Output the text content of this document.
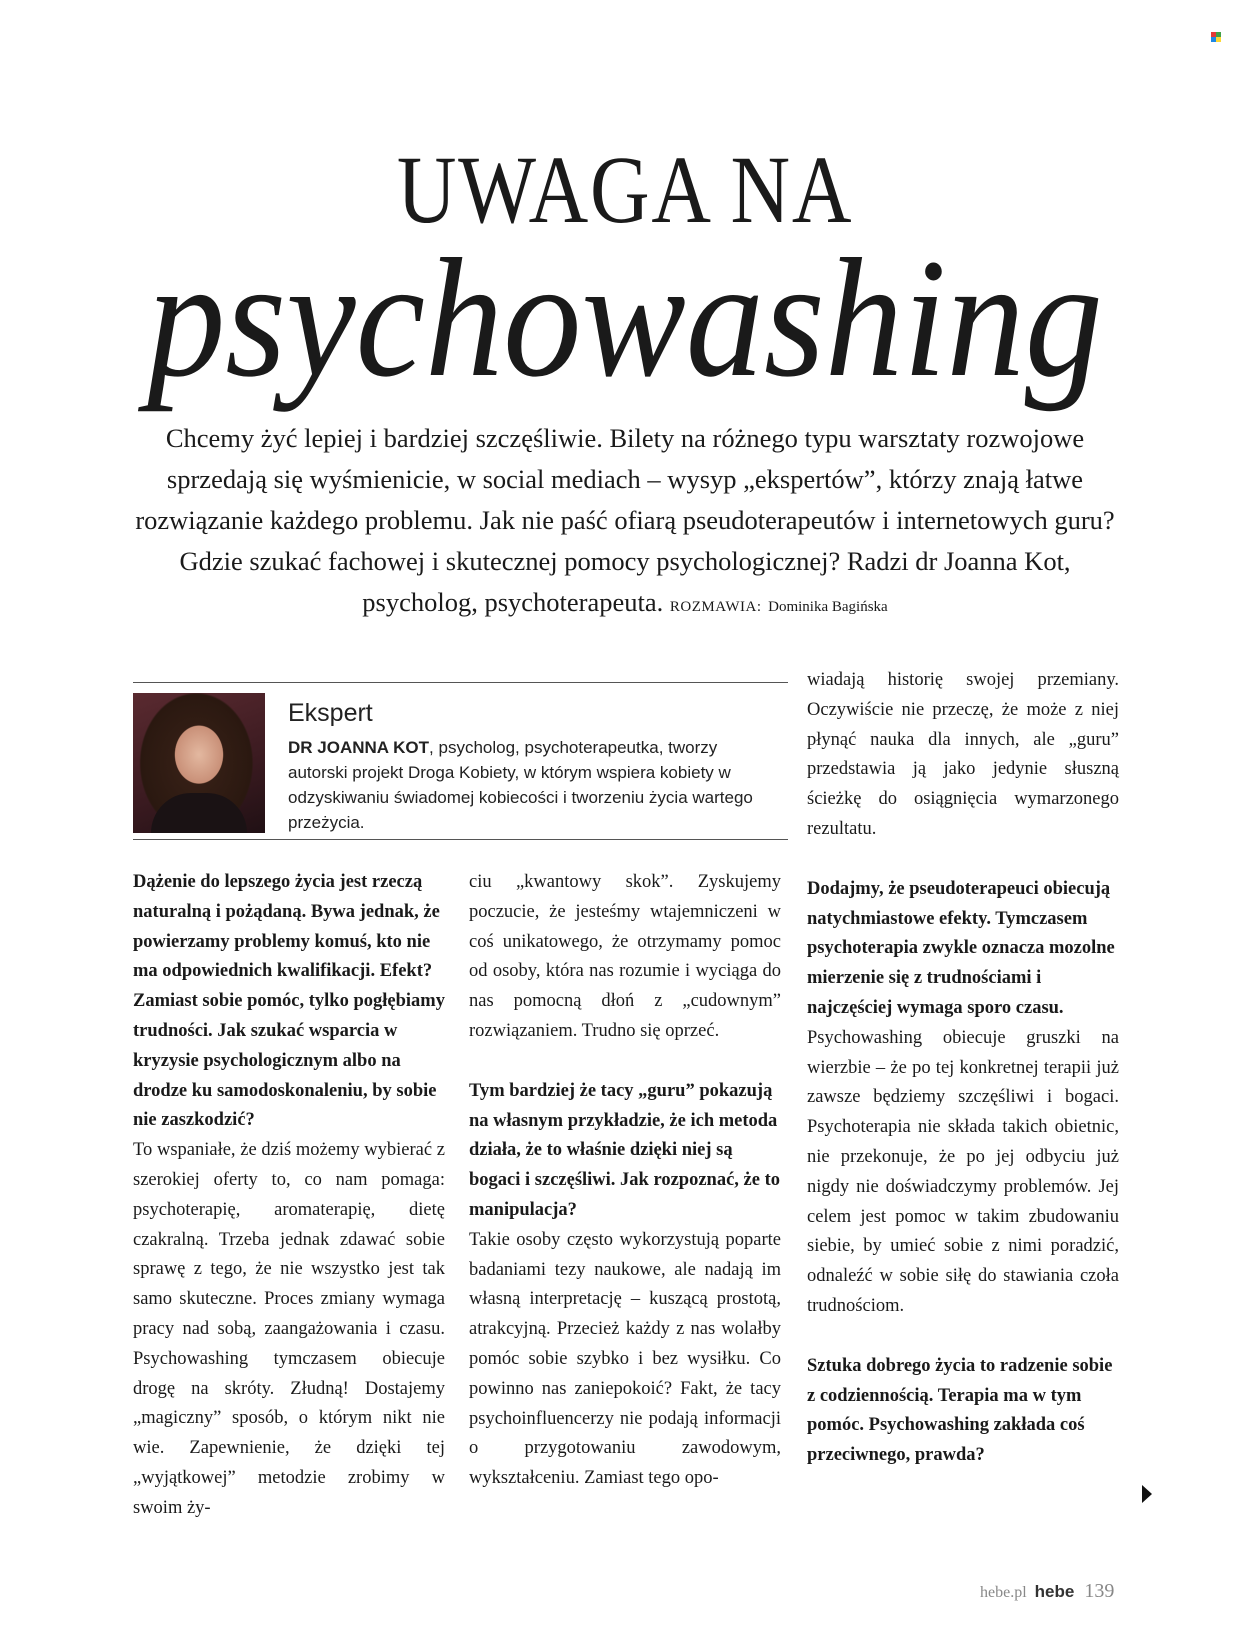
UWAGA NA
psychowashing
Chcemy żyć lepiej i bardziej szczęśliwie. Bilety na różnego typu warsztaty rozwojowe sprzedają się wyśmienicie, w social mediach – wysyp „ekspertów”, którzy znają łatwe rozwiązanie każdego problemu. Jak nie paść ofiarą pseudoterapeutów i internetowych guru? Gdzie szukać fachowej i skutecznej pomocy psychologicznej? Radzi dr Joanna Kot, psycholog, psychoterapeuta. ROZMAWIA: Dominika Bagińska
Ekspert
DR JOANNA KOT, psycholog, psychoterapeutka, tworzy autorski projekt Droga Kobiety, w którym wspiera kobiety w odzyskiwaniu świadomej kobiecości i tworzeniu życia wartego przeżycia.

Dążenie do lepszego życia jest rzeczą naturalną i pożądaną. Bywa jednak, że powierzamy problemy komuś, kto nie ma odpowiednich kwalifikacji. Efekt? Zamiast sobie pomóc, tylko pogłębiamy trudności. Jak szukać wsparcia w kryzysie psychologicznym albo na drodze ku samodoskonaleniu, by sobie nie zaszkodzić?

To wspaniałe, że dziś możemy wybierać z szerokiej oferty to, co nam pomaga: psychoterapię, aromaterapię, dietę czakralną. Trzeba jednak zdawać sobie sprawę z tego, że nie wszystko jest tak samo skuteczne. Proces zmiany wymaga pracy nad sobą, zaangażowania i czasu. Psychowashing tymczasem obiecuje drogę na skróty. Złudną! Dostajemy „magiczny” sposób, o którym nikt nie wie. Zapewnienie, że dzięki tej „wyjątkowej” metodzie zrobimy w swoim ży-

ciu „kwantowy skok”. Zyskujemy poczucie, że jesteśmy wtajemniczeni w coś unikatowego, że otrzymamy pomoc od osoby, która nas rozumie i wyciąga do nas pomocną dłoń z „cudownym” rozwiązaniem. Trudno się oprzeć.

Tym bardziej że tacy „guru” pokazują na własnym przykładzie, że ich metoda działa, że to właśnie dzięki niej są bogaci i szczęśliwi. Jak rozpoznać, że to manipulacja?

Takie osoby często wykorzystują poparte badaniami tezy naukowe, ale nadają im własną interpretację – kuszącą prostotą, atrakcyjną. Przecież każdy z nas wolałby pomóc sobie szybko i bez wysiłku. Co powinno nas zaniepokoić? Fakt, że tacy psychoinfluencerzy nie podają informacji o przygotowaniu zawodowym, wykształceniu. Zamiast tego opo-

wiadają historię swojej przemiany. Oczywiście nie przeczę, że może z niej płynąć nauka dla innych, ale „guru” przedstawia ją jako jedynie słuszną ścieżkę do osiągnięcia wymarzonego rezultatu.

Dodajmy, że pseudoterapeuci obiecują natychmiastowe efekty. Tymczasem psychoterapia zwykle oznacza mozolne mierzenie się z trudnościami i najczęściej wymaga sporo czasu.

Psychowashing obiecuje gruszki na wierzbie – że po tej konkretnej terapii już zawsze będziemy szczęśliwi i bogaci. Psychoterapia nie składa takich obietnic, nie przekonuje, że po jej odbyciu już nigdy nie doświadczymy problemów. Jej celem jest pomoc w takim zbudowaniu siebie, by umieć sobie z nimi poradzić, odnaleźć w sobie siłę do stawiania czoła trudnościom.

Sztuka dobrego życia to radzenie sobie z codziennością. Terapia ma w tym pomóc. Psychowashing zakłada coś przeciwnego, prawda?

hebe.pl hebe 139
